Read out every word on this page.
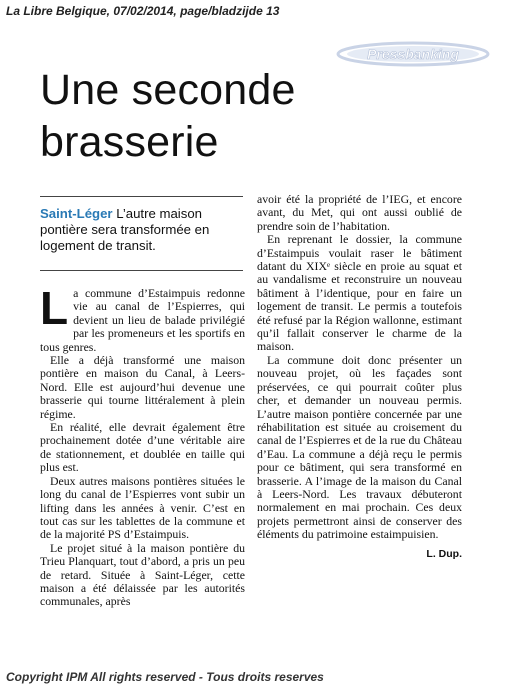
La Libre Belgique, 07/02/2014, page/bladzijde 13
Pressbanking
Une seconde brasserie
Saint-Léger L’autre maison pontière sera transformée en logement de transit.

L a commune d’Estaimpuis redonne vie au canal de l’Espierres, qui devient un lieu de balade privilégié par les promeneurs et les sportifs en tous genres.

Elle a déjà transformé une maison pontière en maison du Canal, à Leers-Nord. Elle est aujourd’hui devenue une brasserie qui tourne littéralement à plein régime.

En réalité, elle devrait également être prochainement dotée d’une véritable aire de stationnement, et doublée en taille qui plus est.

Deux autres maisons pontières situées le long du canal de l’Espierres vont subir un lifting dans les années à venir. C’est en tout cas sur les tablettes de la commune et de la majorité PS d’Estaimpuis.

Le projet situé à la maison pontière du Trieu Planquart, tout d’abord, a pris un peu de retard. Située à Saint-Léger, cette maison a été délaissée par les autorités communales, après

avoir été la propriété de l’IEG, et encore avant, du Met, qui ont aussi oublié de prendre soin de l’habitation.

En reprenant le dossier, la commune d’Estaimpuis voulait raser le bâtiment datant du XIXᵉ siècle en proie au squat et au vandalisme et reconstruire un nouveau bâtiment à l’identique, pour en faire un logement de transit. Le permis a toutefois été refusé par la Région wallonne, estimant qu’il fallait conserver le charme de la maison.

La commune doit donc présenter un nouveau projet, où les façades sont préservées, ce qui pourrait coûter plus cher, et demander un nouveau permis. L’autre maison pontière concernée par une réhabilitation est située au croisement du canal de l’Espierres et de la rue du Château d’Eau. La commune a déjà reçu le permis pour ce bâtiment, qui sera transformé en brasserie. A l’image de la maison du Canal à Leers-Nord. Les travaux débuteront normalement en mai prochain. Ces deux projets permettront ainsi de conserver des éléments du patrimoine estaimpuisien.

L. Dup.
Copyright IPM All rights reserved - Tous droits reserves
